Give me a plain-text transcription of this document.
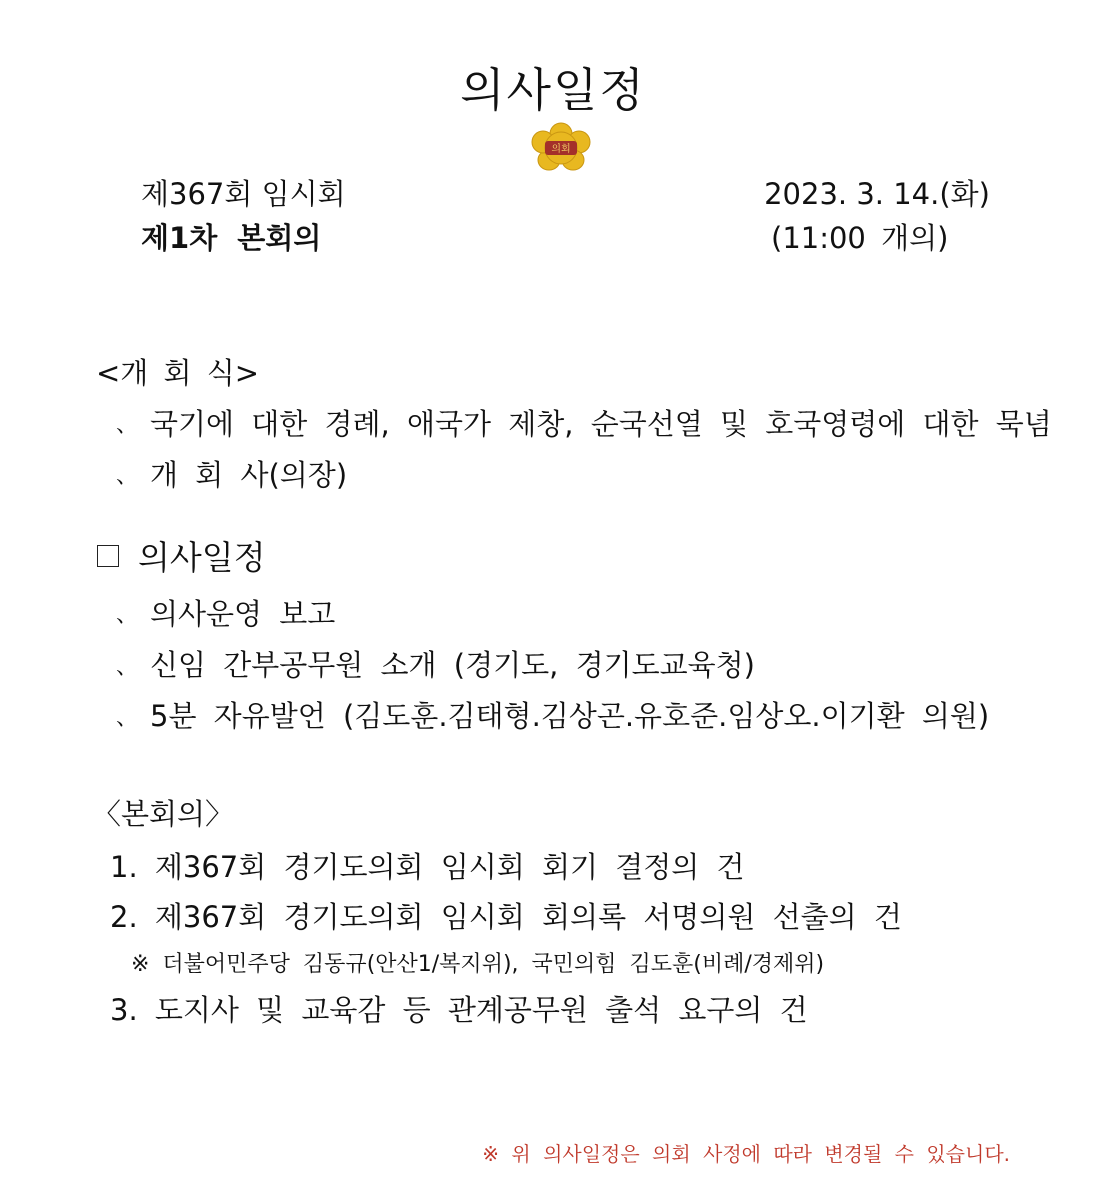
의사일정
의회
제367회 임시회	2023. 3. 14.(화)
제1차 본회의	(11:00 개의)
<개 회 식>
、 국기에 대한 경례, 애국가 제창, 순국선열 및 호국영령에 대한 묵념
、 개 회 사(의장)
의사일정
、 의사운영 보고
、 신임 간부공무원 소개 (경기도, 경기도교육청)
、 5분 자유발언 (김도훈.김태형.김상곤.유호준.임상오.이기환 의원)
〈본회의〉
1. 제367회 경기도의회 임시회 회기 결정의 건
2. 제367회 경기도의회 임시회 회의록 서명의원 선출의 건
※ 더불어민주당 김동규(안산1/복지위), 국민의힘 김도훈(비례/경제위)
3. 도지사 및 교육감 등 관계공무원 출석 요구의 건
※ 위 의사일정은 의회 사정에 따라 변경될 수 있습니다.
